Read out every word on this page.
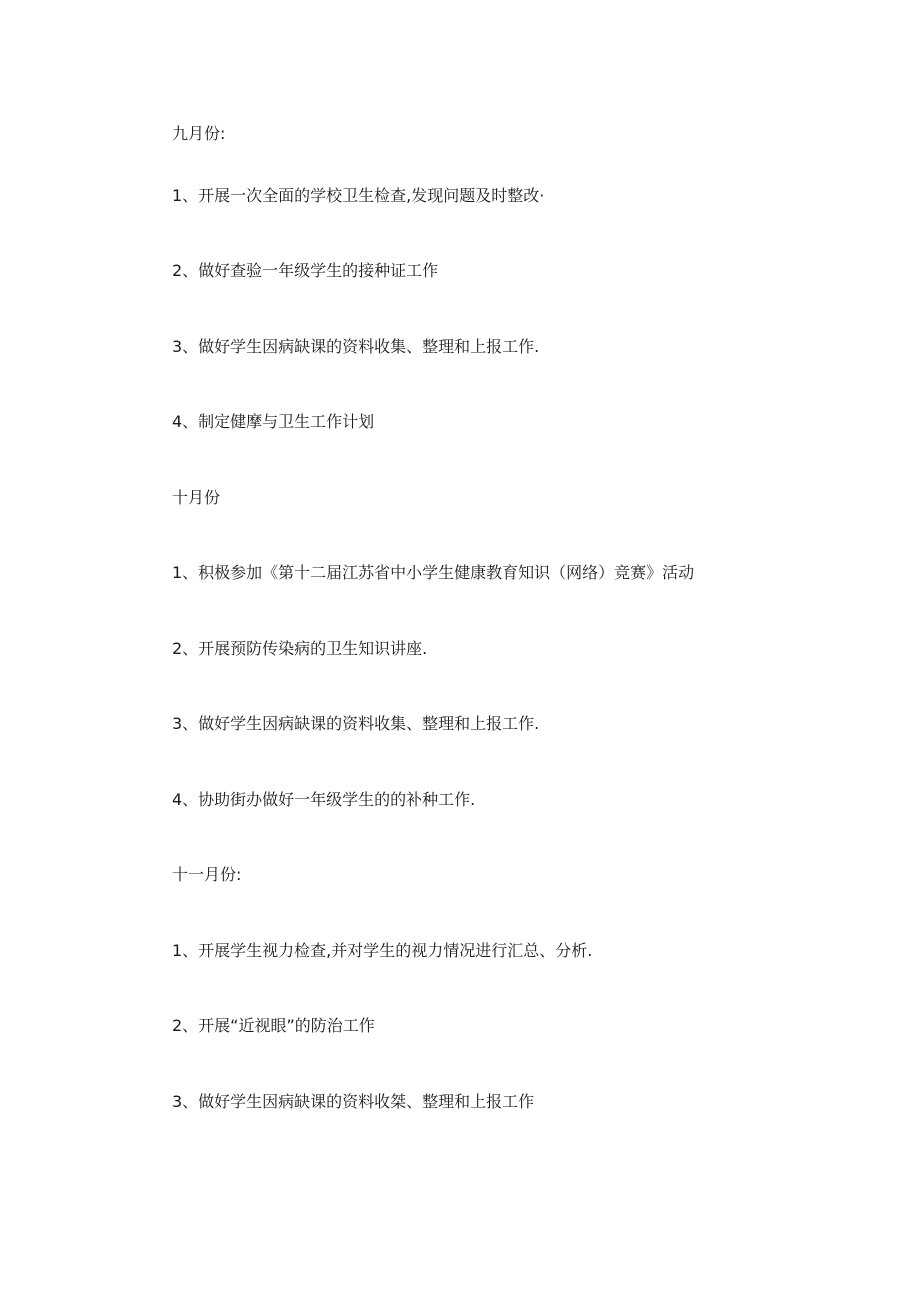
九月份:
1、开展一次全面的学校卫生检查,发现问题及时整改·
2、做好查验一年级学生的接种证工作
3、做好学生因病缺课的资料收集、整理和上报工作.
4、制定健摩与卫生工作计划
十月份
1、积极参加《第十二届江苏省中小学生健康教育知识（网络）竞赛》活动
2、开展预防传染病的卫生知识讲座.
3、做好学生因病缺课的资料收集、整理和上报工作.
4、协助街办做好一年级学生的的补种工作.
十一月份:
1、开展学生视力检查,并对学生的视力情况进行汇总、分析.
2、开展“近视眼”的防治工作
3、做好学生因病缺课的资料收桀、整理和上报工作
